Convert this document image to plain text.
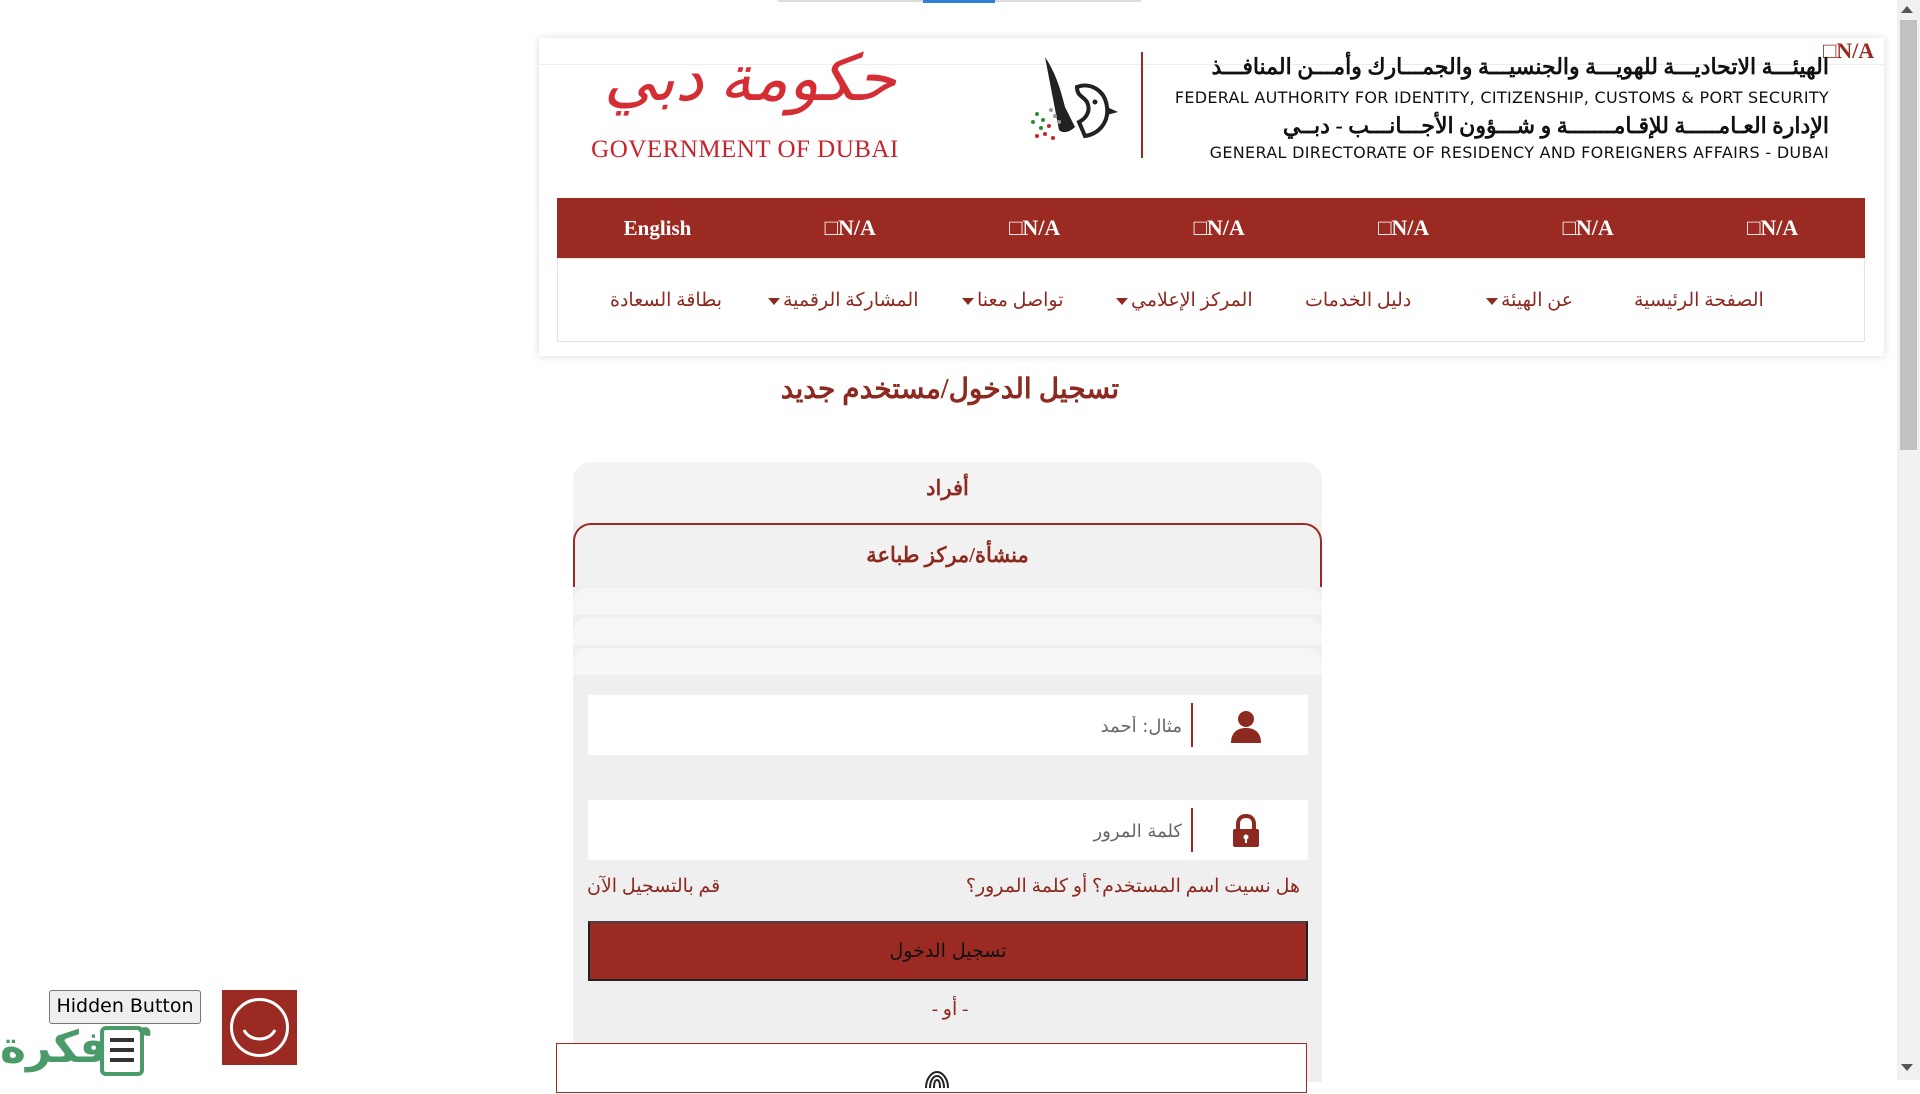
□N/A
الهيئـــة الاتحاديـــة للهويـــة والجنسيـــة والجمـــارك وأمـــن المنافـــذ
FEDERAL AUTHORITY FOR IDENTITY, CITIZENSHIP, CUSTOMS & PORT SECURITY
الإدارة العـامـــــة للإقـامـــــــة و شـــؤون الأجـــانـــب - دبــي
GENERAL DIRECTORATE OF RESIDENCY AND FOREIGNERS AFFAIRS - DUBAI
حكومة دبي
GOVERNMENT OF DUBAI
English	□N/A	□N/A	□N/A	□N/A	□N/A	□N/A
الصفحة الرئيسية
عن الهيئة
دليل الخدمات
المركز الإعلامي
تواصل معنا
المشاركة الرقمية
بطاقة السعادة
تسجيل الدخول/مستخدم جديد
أفراد
منشأة/مركز طباعة
مثال: أحمد
هل نسيت اسم المستخدم؟ أو كلمة المرور؟
قم بالتسجيل الآن
تسجيل الدخول
- أو -
Hidden Button
فكرة
